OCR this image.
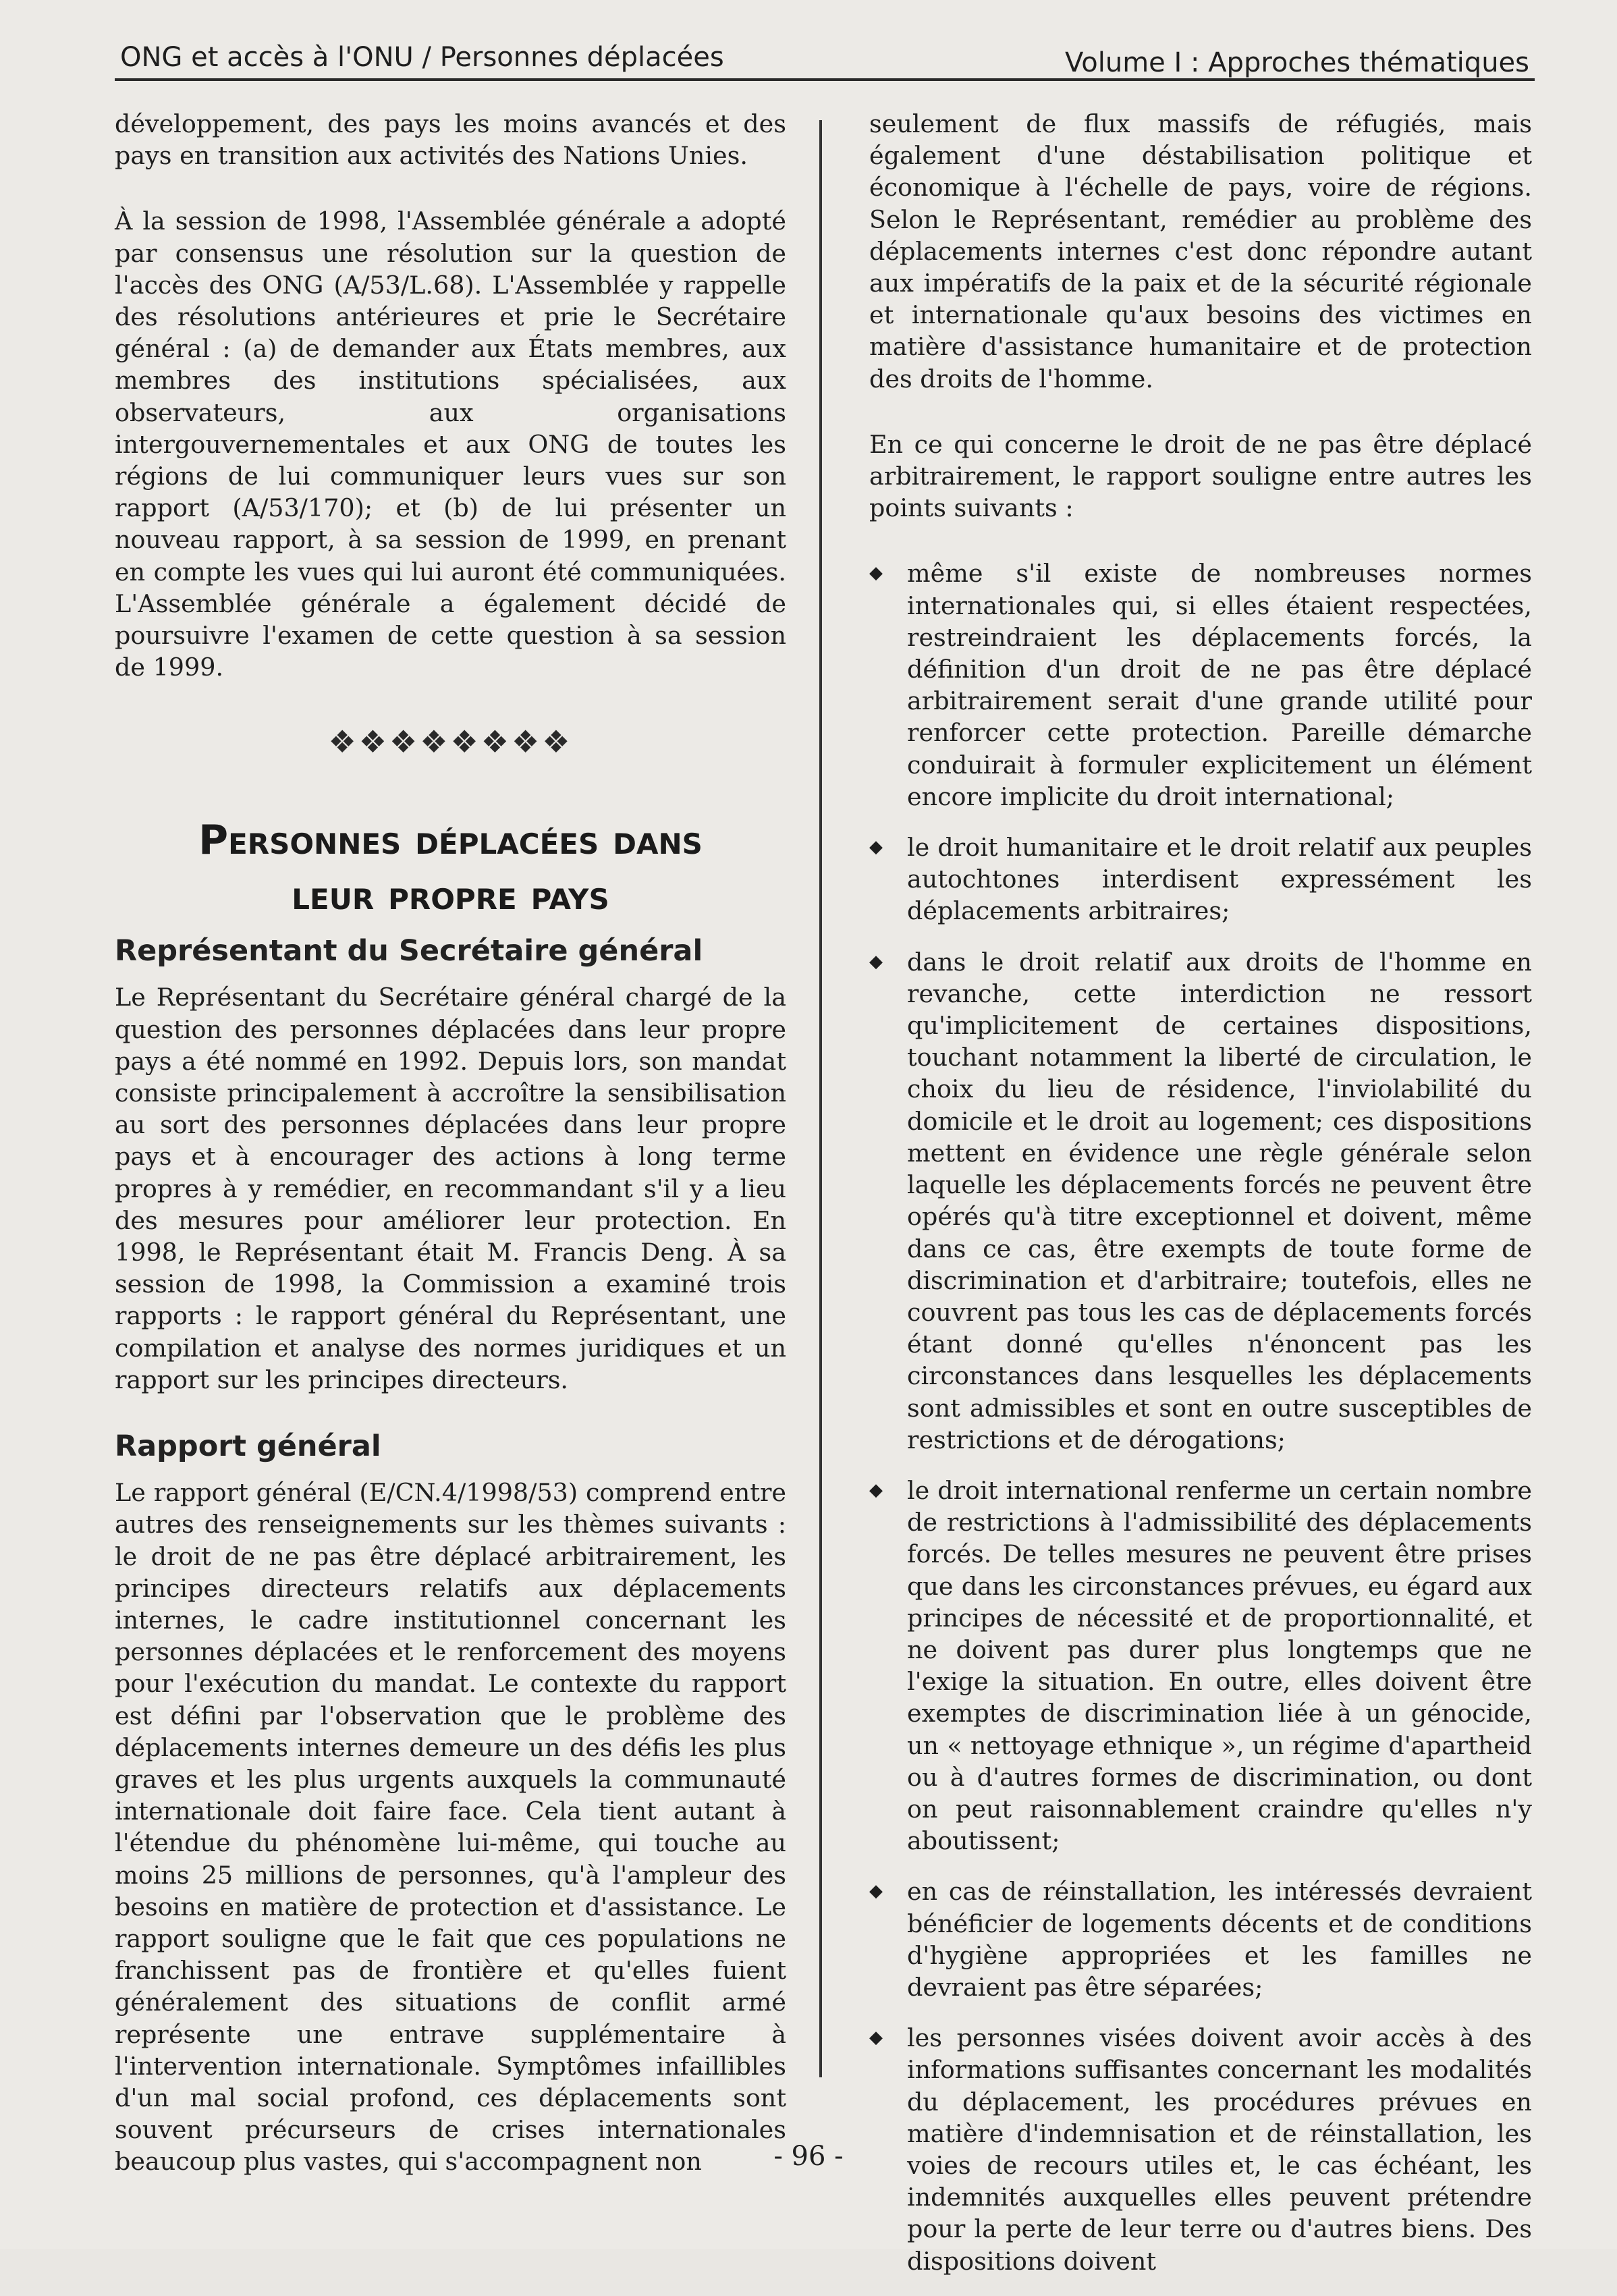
ONG et accès à l'ONU / Personnes déplacées	Volume I : Approches thématiques

développement, des pays les moins avancés et des pays en transition aux activités des Nations Unies.

À la session de 1998, l'Assemblée générale a adopté par consensus une résolution sur la question de l'accès des ONG (A/53/L.68). L'Assemblée y rappelle des résolutions antérieures et prie le Secrétaire général : (a) de demander aux États membres, aux membres des institutions spécialisées, aux observateurs, aux organisations intergouvernementales et aux ONG de toutes les régions de lui communiquer leurs vues sur son rapport (A/53/170); et (b) de lui présenter un nouveau rapport, à sa session de 1999, en prenant en compte les vues qui lui auront été communiquées. L'Assemblée générale a également décidé de poursuivre l'examen de cette question à sa session de 1999.

❖❖❖❖❖❖❖❖
Personnes déplacées dans
leur propre pays
Représentant du Secrétaire général

Le Représentant du Secrétaire général chargé de la question des personnes déplacées dans leur propre pays a été nommé en 1992. Depuis lors, son mandat consiste principalement à accroître la sensibilisation au sort des personnes déplacées dans leur propre pays et à encourager des actions à long terme propres à y remédier, en recommandant s'il y a lieu des mesures pour améliorer leur protection. En 1998, le Représentant était M. Francis Deng. À sa session de 1998, la Commission a examiné trois rapports : le rapport général du Représentant, une compilation et analyse des normes juridiques et un rapport sur les principes directeurs.

Rapport général

Le rapport général (E/CN.4/1998/53) comprend entre autres des renseignements sur les thèmes suivants : le droit de ne pas être déplacé arbitrairement, les principes directeurs relatifs aux déplacements internes, le cadre institutionnel concernant les personnes déplacées et le renforcement des moyens pour l'exécution du mandat. Le contexte du rapport est défini par l'observation que le problème des déplacements internes demeure un des défis les plus graves et les plus urgents auxquels la communauté internationale doit faire face. Cela tient autant à l'étendue du phénomène lui-même, qui touche au moins 25 millions de personnes, qu'à l'ampleur des besoins en matière de protection et d'assistance. Le rapport souligne que le fait que ces populations ne franchissent pas de frontière et qu'elles fuient généralement des situations de conflit armé représente une entrave supplémentaire à l'intervention internationale. Symptômes infaillibles d'un mal social profond, ces déplacements sont souvent précurseurs de crises internationales beaucoup plus vastes, qui s'accompagnent non

seulement de flux massifs de réfugiés, mais également d'une déstabilisation politique et économique à l'échelle de pays, voire de régions. Selon le Représentant, remédier au problème des déplacements internes c'est donc répondre autant aux impératifs de la paix et de la sécurité régionale et internationale qu'aux besoins des victimes en matière d'assistance humanitaire et de protection des droits de l'homme.

En ce qui concerne le droit de ne pas être déplacé arbitrairement, le rapport souligne entre autres les points suivants :

◆ même s'il existe de nombreuses normes internationales qui, si elles étaient respectées, restreindraient les déplacements forcés, la définition d'un droit de ne pas être déplacé arbitrairement serait d'une grande utilité pour renforcer cette protection. Pareille démarche conduirait à formuler explicitement un élément encore implicite du droit international;
◆ le droit humanitaire et le droit relatif aux peuples autochtones interdisent expressément les déplacements arbitraires;
◆ dans le droit relatif aux droits de l'homme en revanche, cette interdiction ne ressort qu'implicitement de certaines dispositions, touchant notamment la liberté de circulation, le choix du lieu de résidence, l'inviolabilité du domicile et le droit au logement; ces dispositions mettent en évidence une règle générale selon laquelle les déplacements forcés ne peuvent être opérés qu'à titre exceptionnel et doivent, même dans ce cas, être exempts de toute forme de discrimination et d'arbitraire; toutefois, elles ne couvrent pas tous les cas de déplacements forcés étant donné qu'elles n'énoncent pas les circonstances dans lesquelles les déplacements sont admissibles et sont en outre susceptibles de restrictions et de dérogations;
◆ le droit international renferme un certain nombre de restrictions à l'admissibilité des déplacements forcés. De telles mesures ne peuvent être prises que dans les circonstances prévues, eu égard aux principes de nécessité et de proportionnalité, et ne doivent pas durer plus longtemps que ne l'exige la situation. En outre, elles doivent être exemptes de discrimination liée à un génocide, un « nettoyage ethnique », un régime d'apartheid ou à d'autres formes de discrimination, ou dont on peut raisonnablement craindre qu'elles n'y aboutissent;
◆ en cas de réinstallation, les intéressés devraient bénéficier de logements décents et de conditions d'hygiène appropriées et les familles ne devraient pas être séparées;
◆ les personnes visées doivent avoir accès à des informations suffisantes concernant les modalités du déplacement, les procédures prévues en matière d'indemnisation et de réinstallation, les voies de recours utiles et, le cas échéant, les indemnités auxquelles elles peuvent prétendre pour la perte de leur terre ou d'autres biens. Des dispositions doivent
- 96 -
